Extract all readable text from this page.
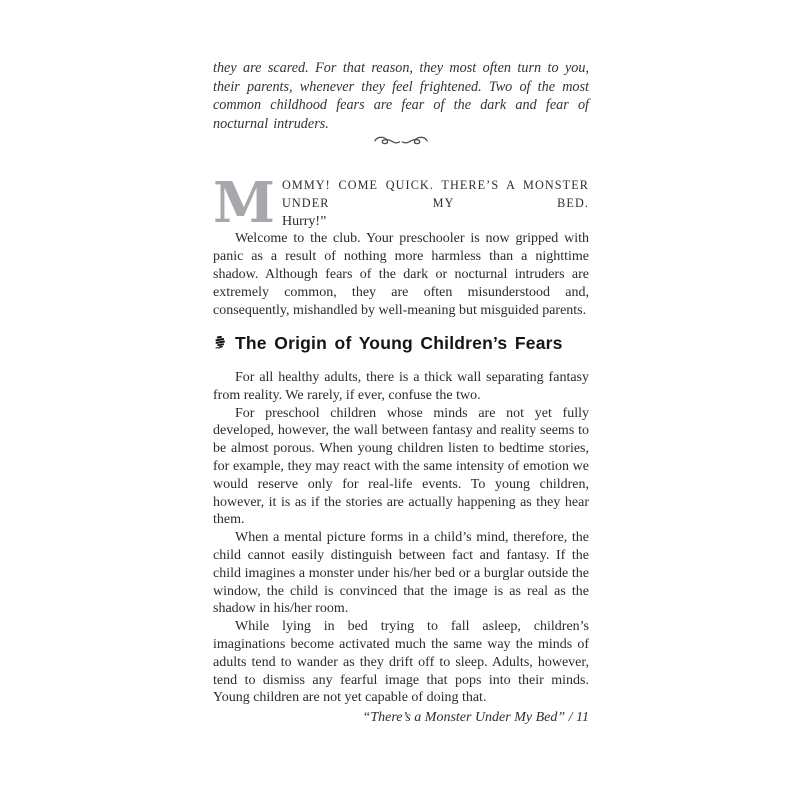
they are scared. For that reason, they most often turn to you, their parents, whenever they feel frightened. Two of the most common childhood fears are fear of the dark and fear of nocturnal intruders.
M OMMY! COME QUICK. THERE’S A MONSTER UNDER MY BED.
Hurry!”

Welcome to the club. Your preschooler is now gripped with panic as a result of nothing more harmless than a nighttime shadow. Although fears of the dark or nocturnal intruders are extremely common, they are often misunderstood and, consequently, mishandled by well-meaning but misguided parents.

The Origin of Young Children’s Fears

For all healthy adults, there is a thick wall separating fantasy from reality. We rarely, if ever, confuse the two.

For preschool children whose minds are not yet fully developed, however, the wall between fantasy and reality seems to be almost porous. When young children listen to bedtime stories, for example, they may react with the same intensity of emotion we would reserve only for real-life events. To young children, however, it is as if the stories are actually happening as they hear them.

When a mental picture forms in a child’s mind, therefore, the child cannot easily distinguish between fact and fantasy. If the child imagines a monster under his/her bed or a burglar outside the window, the child is convinced that the image is as real as the shadow in his/her room.

While lying in bed trying to fall asleep, children’s imaginations become activated much the same way the minds of adults tend to wander as they drift off to sleep. Adults, however, tend to dismiss any fearful image that pops into their minds. Young children are not yet capable of doing that.

“There’s a Monster Under My Bed” / 11
